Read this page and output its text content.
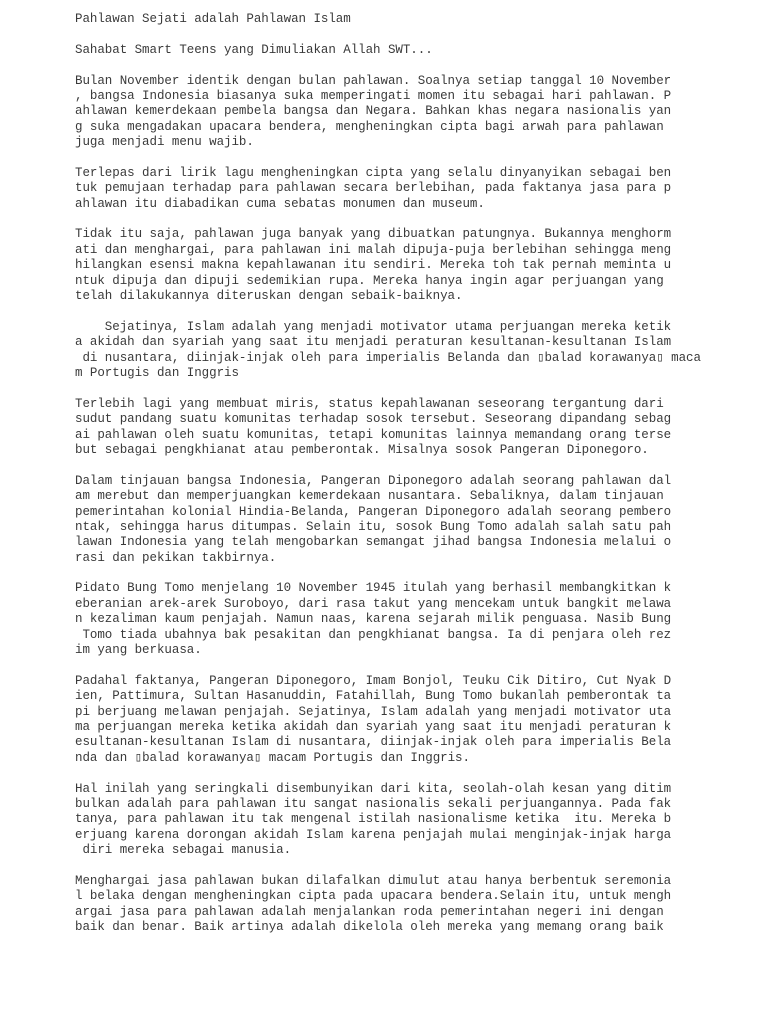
Pahlawan Sejati adalah Pahlawan Islam
Sahabat Smart Teens yang Dimuliakan Allah SWT...
Bulan November identik dengan bulan pahlawan. Soalnya setiap tanggal 10 November
, bangsa Indonesia biasanya suka memperingati momen itu sebagai hari pahlawan. P
ahlawan kemerdekaan pembela bangsa dan Negara. Bahkan khas negara nasionalis yan
g suka mengadakan upacara bendera, mengheningkan cipta bagi arwah para pahlawan
juga menjadi menu wajib.
Terlepas dari lirik lagu mengheningkan cipta yang selalu dinyanyikan sebagai ben
tuk pemujaan terhadap para pahlawan secara berlebihan, pada faktanya jasa para p
ahlawan itu diabadikan cuma sebatas monumen dan museum.
Tidak itu saja, pahlawan juga banyak yang dibuatkan patungnya. Bukannya menghorm
ati dan menghargai, para pahlawan ini malah dipuja-puja berlebihan sehingga meng
hilangkan esensi makna kepahlawanan itu sendiri. Mereka toh tak pernah meminta u
ntuk dipuja dan dipuji sedemikian rupa. Mereka hanya ingin agar perjuangan yang
telah dilakukannya diteruskan dengan sebaik-baiknya.
Sejatinya, Islam adalah yang menjadi motivator utama perjuangan mereka ketik
a akidah dan syariah yang saat itu menjadi peraturan kesultanan-kesultanan Islam
di nusantara, diinjak-injak oleh para imperialis Belanda dan ▯balad korawanya▯ maca
m Portugis dan Inggris
Terlebih lagi yang membuat miris, status kepahlawanan seseorang tergantung dari
sudut pandang suatu komunitas terhadap sosok tersebut. Seseorang dipandang sebag
ai pahlawan oleh suatu komunitas, tetapi komunitas lainnya memandang orang terse
but sebagai pengkhianat atau pemberontak. Misalnya sosok Pangeran Diponegoro.
Dalam tinjauan bangsa Indonesia, Pangeran Diponegoro adalah seorang pahlawan dal
am merebut dan memperjuangkan kemerdekaan nusantara. Sebaliknya, dalam tinjauan
pemerintahan kolonial Hindia-Belanda, Pangeran Diponegoro adalah seorang pembero
ntak, sehingga harus ditumpas. Selain itu, sosok Bung Tomo adalah salah satu pah
lawan Indonesia yang telah mengobarkan semangat jihad bangsa Indonesia melalui o
rasi dan pekikan takbirnya.
Pidato Bung Tomo menjelang 10 November 1945 itulah yang berhasil membangkitkan k
eberanian arek-arek Suroboyo, dari rasa takut yang mencekam untuk bangkit melawa
n kezaliman kaum penjajah. Namun naas, karena sejarah milik penguasa. Nasib Bung
Tomo tiada ubahnya bak pesakitan dan pengkhianat bangsa. Ia di penjara oleh rez
im yang berkuasa.
Padahal faktanya, Pangeran Diponegoro, Imam Bonjol, Teuku Cik Ditiro, Cut Nyak D
ien, Pattimura, Sultan Hasanuddin, Fatahillah, Bung Tomo bukanlah pemberontak ta
pi berjuang melawan penjajah. Sejatinya, Islam adalah yang menjadi motivator uta
ma perjuangan mereka ketika akidah dan syariah yang saat itu menjadi peraturan k
esultanan-kesultanan Islam di nusantara, diinjak-injak oleh para imperialis Bela
nda dan ▯balad korawanya▯ macam Portugis dan Inggris.
Hal inilah yang seringkali disembunyikan dari kita, seolah-olah kesan yang ditim
bulkan adalah para pahlawan itu sangat nasionalis sekali perjuangannya. Pada fak
tanya, para pahlawan itu tak mengenal istilah nasionalisme ketika  itu. Mereka b
erjuang karena dorongan akidah Islam karena penjajah mulai menginjak-injak harga
diri mereka sebagai manusia.
Menghargai jasa pahlawan bukan dilafalkan dimulut atau hanya berbentuk seremonia
l belaka dengan mengheningkan cipta pada upacara bendera.Selain itu, untuk mengh
argai jasa para pahlawan adalah menjalankan roda pemerintahan negeri ini dengan
baik dan benar. Baik artinya adalah dikelola oleh mereka yang memang orang baik
